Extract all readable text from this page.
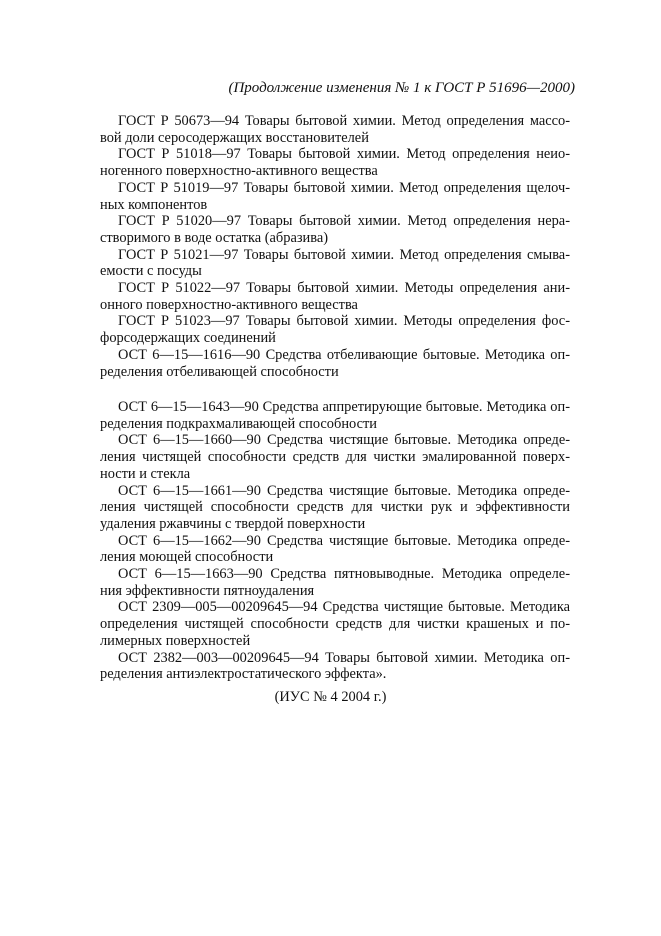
(Продолжение изменения № 1 к ГОСТ Р 51696—2000)

ГОСТ Р 50673—94 Товары бытовой химии. Метод определения массо-
вой доли серосодержащих восстановителей

ГОСТ Р 51018—97 Товары бытовой химии. Метод определения неио-
ногенного поверхностно-активного вещества

ГОСТ Р 51019—97 Товары бытовой химии. Метод определения щелоч-
ных компонентов

ГОСТ Р 51020—97 Товары бытовой химии. Метод определения нера-
створимого в воде остатка (абразива)

ГОСТ Р 51021—97 Товары бытовой химии. Метод определения смыва-
емости с посуды

ГОСТ Р 51022—97 Товары бытовой химии. Методы определения ани-
онного поверхностно-активного вещества

ГОСТ Р 51023—97 Товары бытовой химии. Методы определения фос-
форсодержащих соединений

ОСТ 6—15—1616—90 Средства отбеливающие бытовые. Методика оп-
ределения отбеливающей способности

ОСТ 6—15—1643—90 Средства аппретирующие бытовые. Методика оп-
ределения подкрахмаливающей способности

ОСТ 6—15—1660—90 Средства чистящие бытовые. Методика опреде-
ления чистящей способности средств для чистки эмалированной поверх-
ности и стекла

ОСТ 6—15—1661—90 Средства чистящие бытовые. Методика опреде-
ления чистящей способности средств для чистки рук и эффективности
удаления ржавчины с твердой поверхности

ОСТ 6—15—1662—90 Средства чистящие бытовые. Методика опреде-
ления моющей способности

ОСТ 6—15—1663—90 Средства пятновыводные. Методика определе-
ния эффективности пятноудаления

ОСТ 2309—005—00209645—94 Средства чистящие бытовые. Методика
определения чистящей способности средств для чистки крашеных и по-
лимерных поверхностей

ОСТ 2382—003—00209645—94 Товары бытовой химии. Методика оп-
ределения антиэлектростатического эффекта».

(ИУС № 4 2004 г.)
